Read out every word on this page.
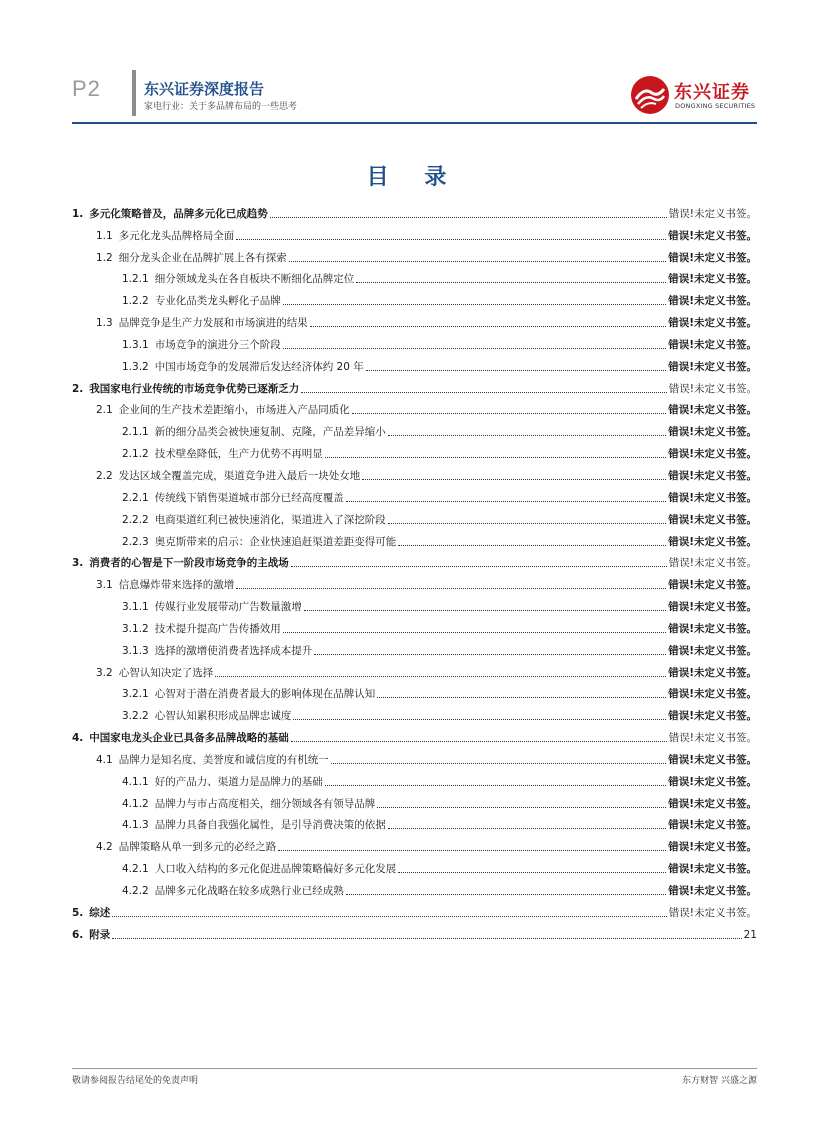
P2	东兴证券深度报告
家电行业：关于多品牌布局的一些思考
东兴证券
DONGXING SECURITIES
目 录
1. 多元化策略普及，品牌多元化已成趋势	错误!未定义书签。
1.1 多元化龙头品牌格局全面	错误!未定义书签。
1.2 细分龙头企业在品牌扩展上各有探索	错误!未定义书签。
1.2.1 细分领域龙头在各自板块不断细化品牌定位	错误!未定义书签。
1.2.2 专业化品类龙头孵化子品牌	错误!未定义书签。
1.3 品牌竞争是生产力发展和市场演进的结果	错误!未定义书签。
1.3.1 市场竞争的演进分三个阶段	错误!未定义书签。
1.3.2 中国市场竞争的发展滞后发达经济体约 20 年	错误!未定义书签。
2. 我国家电行业传统的市场竞争优势已逐渐乏力	错误!未定义书签。
2.1 企业间的生产技术差距缩小，市场进入产品同质化	错误!未定义书签。
2.1.1 新的细分品类会被快速复制、克隆，产品差异缩小	错误!未定义书签。
2.1.2 技术壁垒降低，生产力优势不再明显	错误!未定义书签。
2.2 发达区域全覆盖完成，渠道竞争进入最后一块处女地	错误!未定义书签。
2.2.1 传统线下销售渠道城市部分已经高度覆盖	错误!未定义书签。
2.2.2 电商渠道红利已被快速消化，渠道进入了深挖阶段	错误!未定义书签。
2.2.3 奥克斯带来的启示：企业快速追赶渠道差距变得可能	错误!未定义书签。
3. 消费者的心智是下一阶段市场竞争的主战场	错误!未定义书签。
3.1 信息爆炸带来选择的激增	错误!未定义书签。
3.1.1 传媒行业发展带动广告数量激增	错误!未定义书签。
3.1.2 技术提升提高广告传播效用	错误!未定义书签。
3.1.3 选择的激增使消费者选择成本提升	错误!未定义书签。
3.2 心智认知决定了选择	错误!未定义书签。
3.2.1 心智对于潜在消费者最大的影响体现在品牌认知	错误!未定义书签。
3.2.2 心智认知累积形成品牌忠诚度	错误!未定义书签。
4. 中国家电龙头企业已具备多品牌战略的基础	错误!未定义书签。
4.1 品牌力是知名度、美誉度和诚信度的有机统一	错误!未定义书签。
4.1.1 好的产品力、渠道力是品牌力的基础	错误!未定义书签。
4.1.2 品牌力与市占高度相关，细分领域各有领导品牌	错误!未定义书签。
4.1.3 品牌力具备自我强化属性，是引导消费决策的依据	错误!未定义书签。
4.2 品牌策略从单一到多元的必经之路	错误!未定义书签。
4.2.1 人口收入结构的多元化促进品牌策略偏好多元化发展	错误!未定义书签。
4.2.2 品牌多元化战略在较多成熟行业已经成熟	错误!未定义书签。
5. 综述	错误!未定义书签。
6. 附录	21
敬请参阅报告结尾处的免责声明	东方财智 兴盛之源
